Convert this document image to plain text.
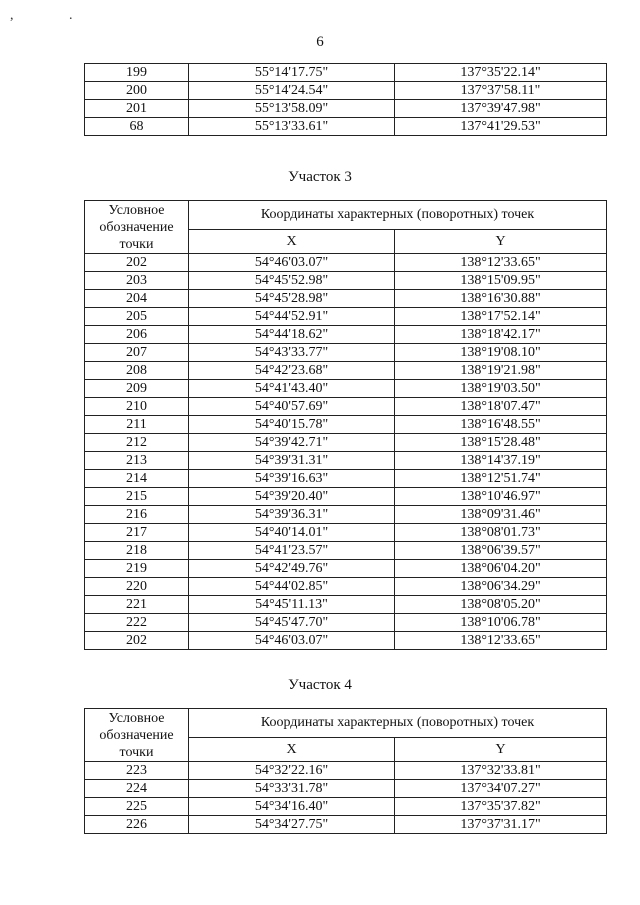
, .
6
199	55°14'17.75"	137°35'22.14"
200	55°14'24.54"	137°37'58.11"
201	55°13'58.09"	137°39'47.98"
68	55°13'33.61"	137°41'29.53"
Участок 3
Условное обозначение точки	Координаты характерных (поворотных) точек	
	X	Y
202	54°46'03.07"	138°12'33.65"
203	54°45'52.98"	138°15'09.95"
204	54°45'28.98"	138°16'30.88"
205	54°44'52.91"	138°17'52.14"
206	54°44'18.62"	138°18'42.17"
207	54°43'33.77"	138°19'08.10"
208	54°42'23.68"	138°19'21.98"
209	54°41'43.40"	138°19'03.50"
210	54°40'57.69"	138°18'07.47"
211	54°40'15.78"	138°16'48.55"
212	54°39'42.71"	138°15'28.48"
213	54°39'31.31"	138°14'37.19"
214	54°39'16.63"	138°12'51.74"
215	54°39'20.40"	138°10'46.97"
216	54°39'36.31"	138°09'31.46"
217	54°40'14.01"	138°08'01.73"
218	54°41'23.57"	138°06'39.57"
219	54°42'49.76"	138°06'04.20"
220	54°44'02.85"	138°06'34.29"
221	54°45'11.13"	138°08'05.20"
222	54°45'47.70"	138°10'06.78"
202	54°46'03.07"	138°12'33.65"
Участок 4
Условное обозначение точки	Координаты характерных (поворотных) точек	
	X	Y
223	54°32'22.16"	137°32'33.81"
224	54°33'31.78"	137°34'07.27"
225	54°34'16.40"	137°35'37.82"
226	54°34'27.75"	137°37'31.17"
